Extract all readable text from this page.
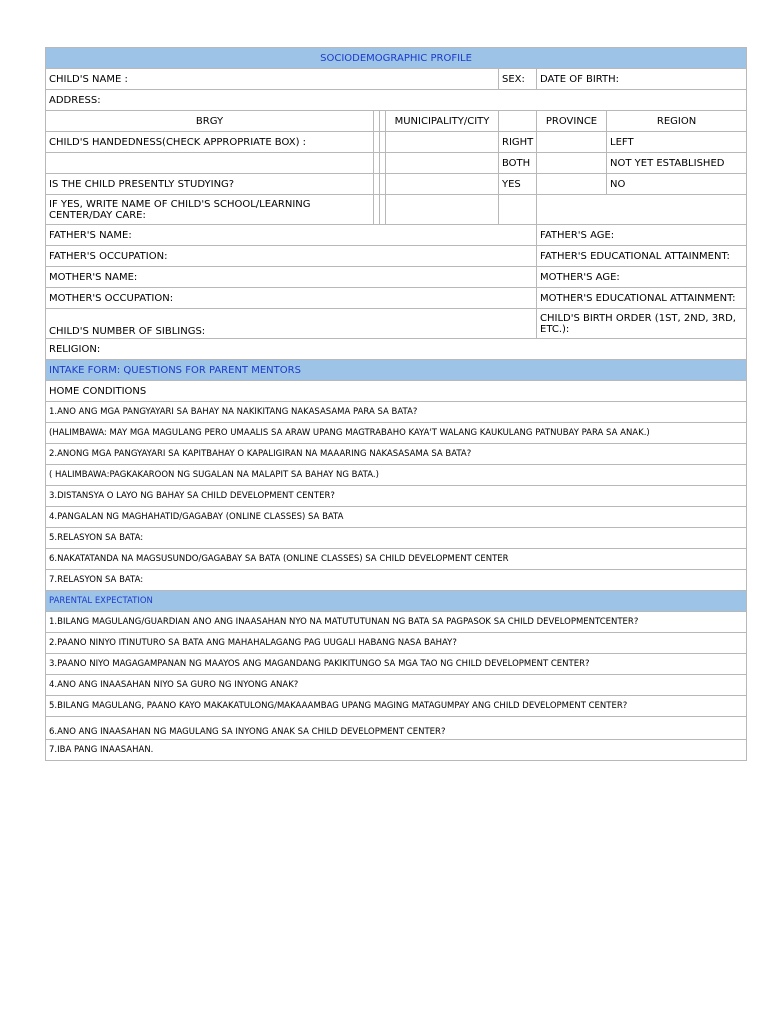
SOCIODEMOGRAPHIC PROFILE						
CHILD'S NAME :				SEX:	DATE OF BIRTH:	
ADDRESS:						
BRGY			MUNICIPALITY/CITY		PROVINCE	REGION
CHILD'S HANDEDNESS(CHECK APPROPRIATE BOX) :				RIGHT		LEFT
				BOTH		NOT YET ESTABLISHED
IS THE CHILD PRESENTLY STUDYING?				YES		NO
IF YES, WRITE NAME OF CHILD'S SCHOOL/LEARNING CENTER/DAY CARE:						
FATHER'S NAME:					FATHER'S AGE:	
FATHER'S OCCUPATION:					FATHER'S EDUCATIONAL ATTAINMENT:	
MOTHER'S NAME:					MOTHER'S AGE:	
MOTHER'S OCCUPATION:					MOTHER'S EDUCATIONAL ATTAINMENT:	
CHILD'S NUMBER OF SIBLINGS:					CHILD'S BIRTH ORDER (1ST, 2ND, 3RD, ETC.):	
RELIGION:						
INTAKE FORM: QUESTIONS FOR PARENT MENTORS						
HOME CONDITIONS						
1.ANO ANG MGA PANGYAYARI SA BAHAY NA NAKIKITANG NAKASASAMA PARA SA BATA?						
(HALIMBAWA: MAY MGA MAGULANG PERO UMAALIS SA ARAW UPANG MAGTRABAHO KAYA'T WALANG KAUKULANG PATNUBAY PARA SA ANAK.)						
2.ANONG MGA PANGYAYARI SA KAPITBAHAY O KAPALIGIRAN NA MAAARING NAKASASAMA SA BATA?						
( HALIMBAWA:PAGKAKAROON NG SUGALAN NA MALAPIT SA BAHAY NG BATA.)						
3.DISTANSYA O LAYO NG BAHAY SA CHILD DEVELOPMENT CENTER?						
4.PANGALAN NG MAGHAHATID/GAGABAY (ONLINE CLASSES) SA BATA						
5.RELASYON SA BATA:						
6.NAKATATANDA NA MAGSUSUNDO/GAGABAY SA BATA (ONLINE CLASSES) SA CHILD DEVELOPMENT CENTER						
7.RELASYON SA BATA:						
PARENTAL EXPECTATION						
1.BILANG MAGULANG/GUARDIAN ANO ANG INAASAHAN NYO NA MATUTUTUNAN NG BATA SA PAGPASOK SA CHILD DEVELOPMENTCENTER?						
2.PAANO NINYO ITINUTURO SA BATA ANG MAHAHALAGANG PAG UUGALI HABANG NASA BAHAY?						
3.PAANO NIYO MAGAGAMPANAN NG MAAYOS ANG MAGANDANG PAKIKITUNGO SA MGA TAO NG CHILD DEVELOPMENT CENTER?						
4.ANO ANG INAASAHAN NIYO SA GURO NG INYONG ANAK?						
5.BILANG MAGULANG, PAANO KAYO MAKAKATULONG/MAKAAAMBAG UPANG MAGING MATAGUMPAY ANG CHILD DEVELOPMENT CENTER?						
6.ANO ANG INAASAHAN NG MAGULANG SA INYONG ANAK SA CHILD DEVELOPMENT CENTER?						
7.IBA PANG INAASAHAN.						
